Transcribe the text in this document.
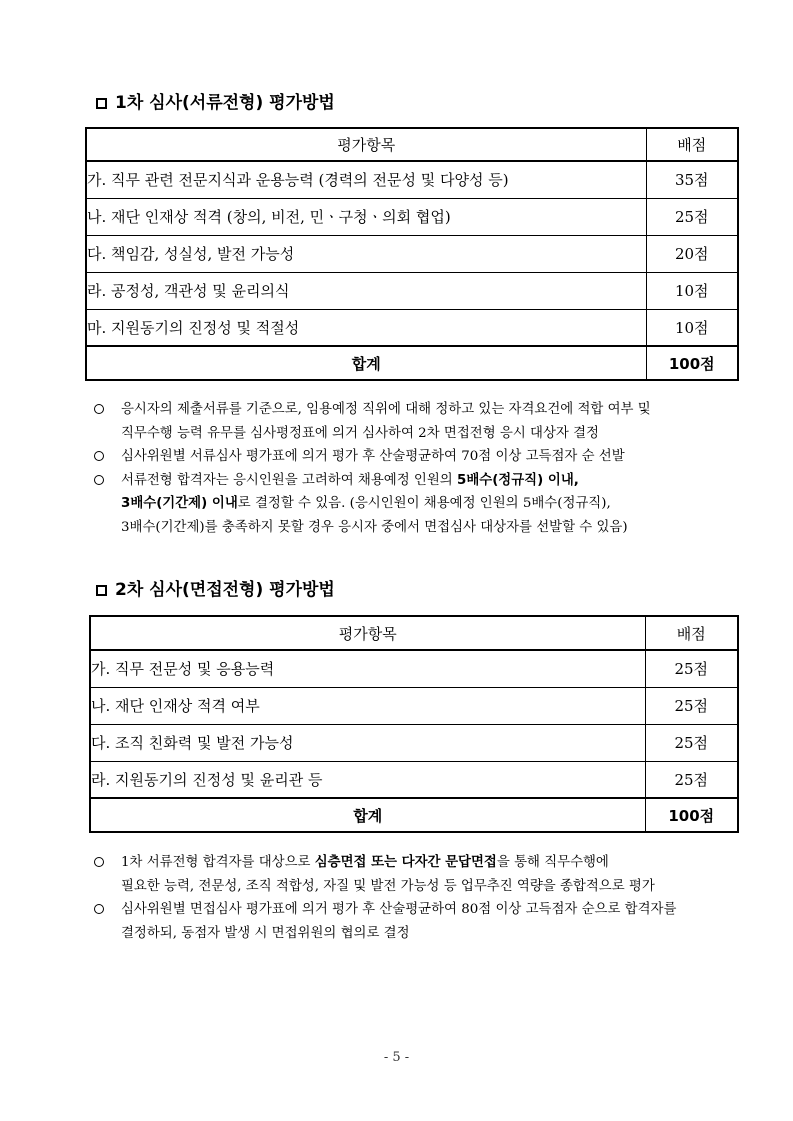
1차 심사(서류전형) 평가방법
평가항목	배점
가. 직무 관련 전문지식과 운용능력 (경력의 전문성 및 다양성 등)	35점
나. 재단 인재상 적격 (창의, 비전, 민ㆍ구청ㆍ의회 협업)	25점
다. 책임감, 성실성, 발전 가능성	20점
라. 공정성, 객관성 및 윤리의식	10점
마. 지원동기의 진정성 및 적절성	10점
합계	100점
응시자의 제출서류를 기준으로, 임용예정 직위에 대해 정하고 있는 자격요건에 적합 여부 및
직무수행 능력 유무를 심사평정표에 의거 심사하여 2차 면접전형 응시 대상자 결정
심사위원별 서류심사 평가표에 의거 평가 후 산술평균하여 70점 이상 고득점자 순 선발
서류전형 합격자는 응시인원을 고려하여 채용예정 인원의 5배수(정규직) 이내,
3배수(기간제) 이내로 결정할 수 있음. (응시인원이 채용예정 인원의 5배수(정규직),
3배수(기간제)를 충족하지 못할 경우 응시자 중에서 면접심사 대상자를 선발할 수 있음)
2차 심사(면접전형) 평가방법
평가항목	배점
가. 직무 전문성 및 응용능력	25점
나. 재단 인재상 적격 여부	25점
다. 조직 친화력 및 발전 가능성	25점
라. 지원동기의 진정성 및 윤리관 등	25점
합계	100점
1차 서류전형 합격자를 대상으로 심층면접 또는 다자간 문답면접을 통해 직무수행에
필요한 능력, 전문성, 조직 적합성, 자질 및 발전 가능성 등 업무추진 역량을 종합적으로 평가
심사위원별 면접심사 평가표에 의거 평가 후 산술평균하여 80점 이상 고득점자 순으로 합격자를
결정하되, 동점자 발생 시 면접위원의 협의로 결정
- 5 -
